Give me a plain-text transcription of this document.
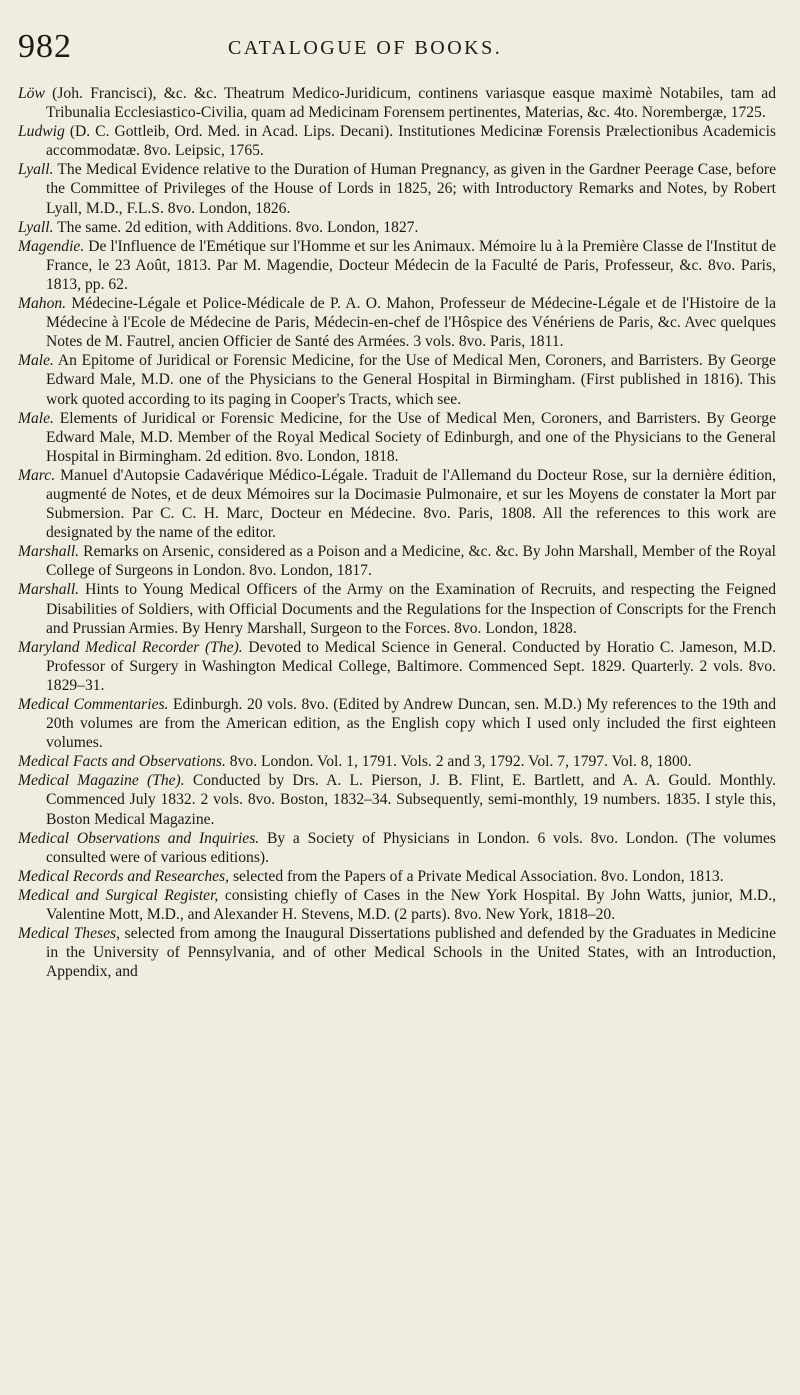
982	CATALOGUE OF BOOKS.

Löw (Joh. Francisci), &c. &c. Theatrum Medico-Juridicum, continens variasque easque maximè Notabiles, tam ad Tribunalia Ecclesiastico-Civilia, quam ad Medicinam Forensem pertinentes, Materias, &c. 4to. Norembergæ, 1725.

Ludwig (D. C. Gottleib, Ord. Med. in Acad. Lips. Decani). Institutiones Medicinæ Forensis Prælectionibus Academicis accommodatæ. 8vo. Leipsic, 1765.

Lyall. The Medical Evidence relative to the Duration of Human Pregnancy, as given in the Gardner Peerage Case, before the Committee of Privileges of the House of Lords in 1825, 26; with Introductory Remarks and Notes, by Robert Lyall, M.D., F.L.S. 8vo. London, 1826.

Lyall. The same. 2d edition, with Additions. 8vo. London, 1827.

Magendie. De l'Influence de l'Emétique sur l'Homme et sur les Animaux. Mémoire lu à la Première Classe de l'Institut de France, le 23 Août, 1813. Par M. Magendie, Docteur Médecin de la Faculté de Paris, Professeur, &c. 8vo. Paris, 1813, pp. 62.

Mahon. Médecine-Légale et Police-Médicale de P. A. O. Mahon, Professeur de Médecine-Légale et de l'Histoire de la Médecine à l'Ecole de Médecine de Paris, Médecin-en-chef de l'Hôspice des Vénériens de Paris, &c. Avec quelques Notes de M. Fautrel, ancien Officier de Santé des Armées. 3 vols. 8vo. Paris, 1811.

Male. An Epitome of Juridical or Forensic Medicine, for the Use of Medical Men, Coroners, and Barristers. By George Edward Male, M.D. one of the Physicians to the General Hospital in Birmingham. (First published in 1816). This work quoted according to its paging in Cooper's Tracts, which see.

Male. Elements of Juridical or Forensic Medicine, for the Use of Medical Men, Coroners, and Barristers. By George Edward Male, M.D. Member of the Royal Medical Society of Edinburgh, and one of the Physicians to the General Hospital in Birmingham. 2d edition. 8vo. London, 1818.

Marc. Manuel d'Autopsie Cadavérique Médico-Légale. Traduit de l'Allemand du Docteur Rose, sur la dernière édition, augmenté de Notes, et de deux Mémoires sur la Docimasie Pulmonaire, et sur les Moyens de constater la Mort par Submersion. Par C. C. H. Marc, Docteur en Médecine. 8vo. Paris, 1808. All the references to this work are designated by the name of the editor.

Marshall. Remarks on Arsenic, considered as a Poison and a Medicine, &c. &c. By John Marshall, Member of the Royal College of Surgeons in London. 8vo. London, 1817.

Marshall. Hints to Young Medical Officers of the Army on the Examination of Recruits, and respecting the Feigned Disabilities of Soldiers, with Official Documents and the Regulations for the Inspection of Conscripts for the French and Prussian Armies. By Henry Marshall, Surgeon to the Forces. 8vo. London, 1828.

Maryland Medical Recorder (The). Devoted to Medical Science in General. Conducted by Horatio C. Jameson, M.D. Professor of Surgery in Washington Medical College, Baltimore. Commenced Sept. 1829. Quarterly. 2 vols. 8vo. 1829–31.

Medical Commentaries. Edinburgh. 20 vols. 8vo. (Edited by Andrew Duncan, sen. M.D.) My references to the 19th and 20th volumes are from the American edition, as the English copy which I used only included the first eighteen volumes.

Medical Facts and Observations. 8vo. London. Vol. 1, 1791. Vols. 2 and 3, 1792. Vol. 7, 1797. Vol. 8, 1800.

Medical Magazine (The). Conducted by Drs. A. L. Pierson, J. B. Flint, E. Bartlett, and A. A. Gould. Monthly. Commenced July 1832. 2 vols. 8vo. Boston, 1832–34. Subsequently, semi-monthly, 19 numbers. 1835. I style this, Boston Medical Magazine.

Medical Observations and Inquiries. By a Society of Physicians in London. 6 vols. 8vo. London. (The volumes consulted were of various editions).

Medical Records and Researches, selected from the Papers of a Private Medical Association. 8vo. London, 1813.

Medical and Surgical Register, consisting chiefly of Cases in the New York Hospital. By John Watts, junior, M.D., Valentine Mott, M.D., and Alexander H. Stevens, M.D. (2 parts). 8vo. New York, 1818–20.

Medical Theses, selected from among the Inaugural Dissertations published and defended by the Graduates in Medicine in the University of Pennsylvania, and of other Medical Schools in the United States, with an Introduction, Appendix, and
